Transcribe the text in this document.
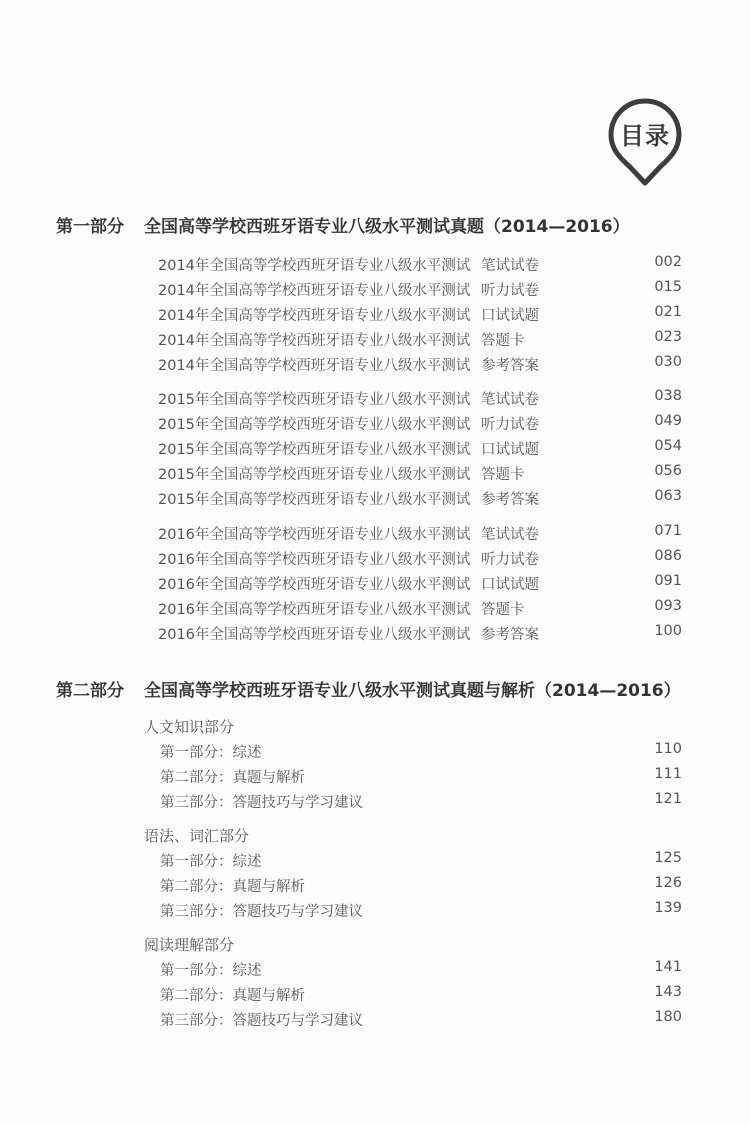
目录
第一部分 全国高等学校西班牙语专业八级水平测试真题（2014—2016）
2014年全国高等学校西班牙语专业八级水平测试 笔试试卷	002
2014年全国高等学校西班牙语专业八级水平测试 听力试卷	015
2014年全国高等学校西班牙语专业八级水平测试 口试试题	021
2014年全国高等学校西班牙语专业八级水平测试 答题卡	023
2014年全国高等学校西班牙语专业八级水平测试 参考答案	030
2015年全国高等学校西班牙语专业八级水平测试 笔试试卷	038
2015年全国高等学校西班牙语专业八级水平测试 听力试卷	049
2015年全国高等学校西班牙语专业八级水平测试 口试试题	054
2015年全国高等学校西班牙语专业八级水平测试 答题卡	056
2015年全国高等学校西班牙语专业八级水平测试 参考答案	063
2016年全国高等学校西班牙语专业八级水平测试 笔试试卷	071
2016年全国高等学校西班牙语专业八级水平测试 听力试卷	086
2016年全国高等学校西班牙语专业八级水平测试 口试试题	091
2016年全国高等学校西班牙语专业八级水平测试 答题卡	093
2016年全国高等学校西班牙语专业八级水平测试 参考答案	100
第二部分 全国高等学校西班牙语专业八级水平测试真题与解析（2014—2016）
人文知识部分
第一部分：综述	110
第二部分：真题与解析	111
第三部分：答题技巧与学习建议	121
语法、词汇部分
第一部分：综述	125
第二部分：真题与解析	126
第三部分：答题技巧与学习建议	139
阅读理解部分
第一部分：综述	141
第二部分：真题与解析	143
第三部分：答题技巧与学习建议	180
